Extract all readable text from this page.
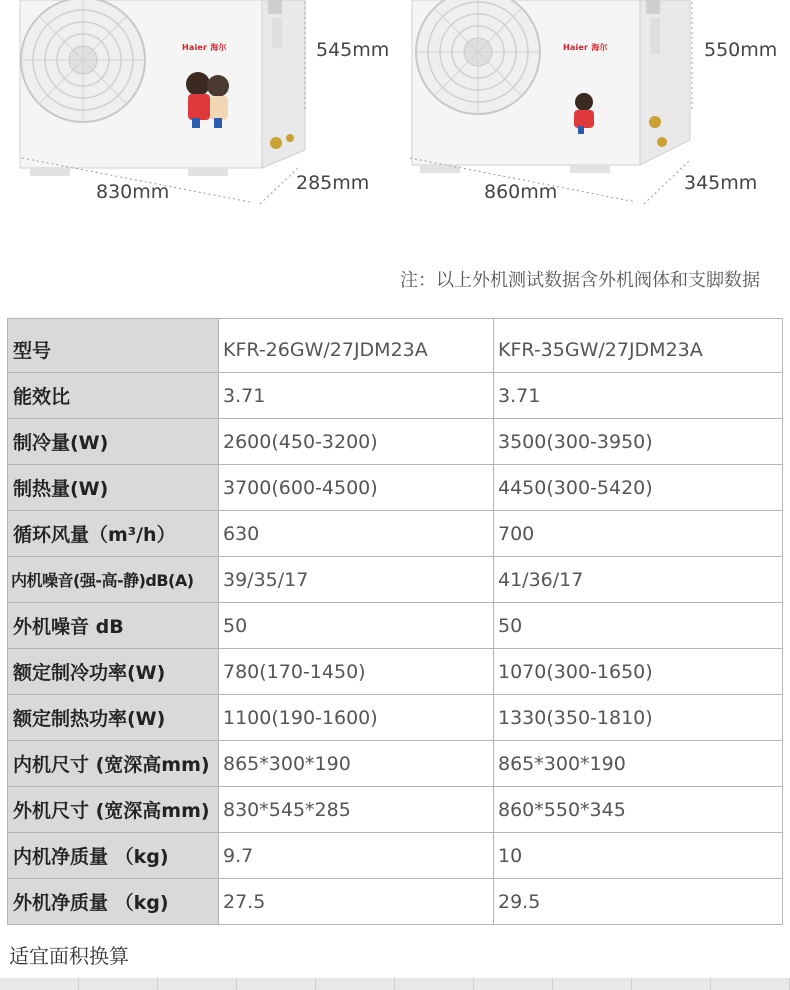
Haier 海尔	545mm
830mm	285mm
Haier 海尔	550mm
860mm	345mm
注：以上外机测试数据含外机阀体和支脚数据
型号	KFR-26GW/27JDM23A	KFR-35GW/27JDM23A
能效比	3.71	3.71
制冷量(W)	2600(450-3200)	3500(300-3950)
制热量(W)	3700(600-4500)	4450(300-5420)
循环风量（m³/h）	630	700
内机噪音(强-高-静)dB(A)	39/35/17	41/36/17
外机噪音 dB	50	50
额定制冷功率(W)	780(170-1450)	1070(300-1650)
额定制热功率(W)	1100(190-1600)	1330(350-1810)
内机尺寸 (宽深高mm)	865*300*190	865*300*190
外机尺寸 (宽深高mm)	830*545*285	860*550*345
内机净质量 （kg)	9.7	10
外机净质量 （kg)	27.5	29.5
适宜面积换算
